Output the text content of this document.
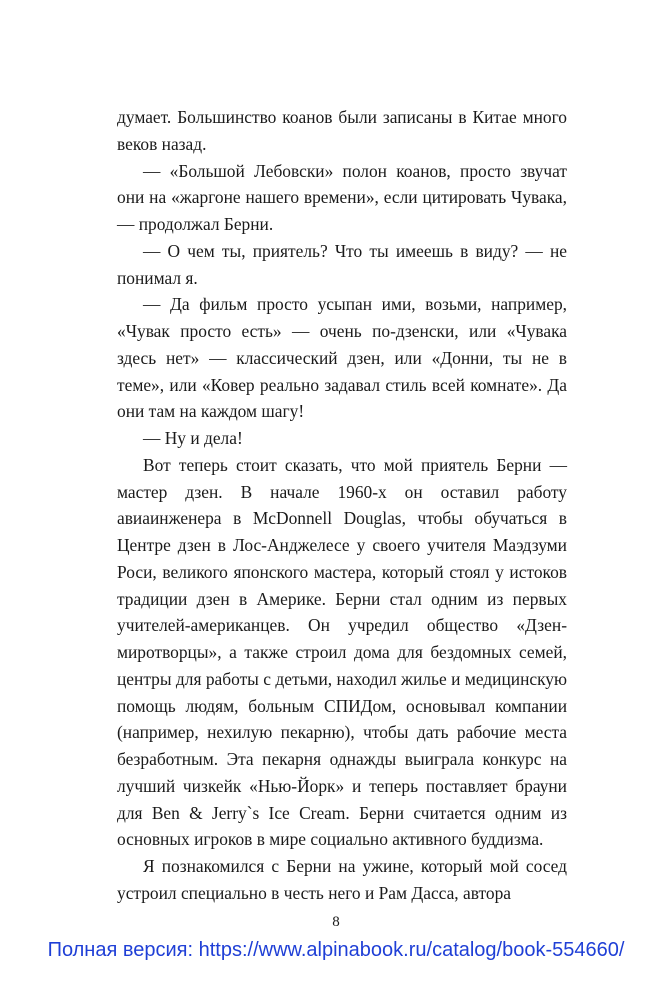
думает. Большинство коанов были записаны в Китае много веков назад.

— «Большой Лебовски» полон коанов, просто звучат они на «жаргоне нашего времени», если цитировать Чувака, — продолжал Берни.

— О чем ты, приятель? Что ты имеешь в виду? — не понимал я.

— Да фильм просто усыпан ими, возьми, например, «Чувак просто есть» — очень по-дзенски, или «Чувака здесь нет» — классический дзен, или «Донни, ты не в теме», или «Ковер реально задавал стиль всей комнате». Да они там на каждом шагу!

— Ну и дела!

Вот теперь стоит сказать, что мой приятель Берни — мастер дзен. В начале 1960-х он оставил работу авиаинженера в McDonnell Douglas, чтобы обучаться в Центре дзен в Лос-Анджелесе у своего учителя Маэдзуми Роси, великого японского мастера, который стоял у истоков традиции дзен в Америке. Берни стал одним из первых учителей-американцев. Он учредил общество «Дзен-миротворцы», а также строил дома для бездомных семей, центры для работы с детьми, находил жилье и медицинскую помощь людям, больным СПИДом, основывал компании (например, нехилую пекарню), чтобы дать рабочие места безработным. Эта пекарня однажды выиграла конкурс на лучший чизкейк «Нью-Йорк» и теперь поставляет брауни для Ben & Jerry`s Ice Cream. Берни считается одним из основных игроков в мире социально активного буддизма.

Я познакомился с Берни на ужине, который мой сосед устроил специально в честь него и Рам Дасса, автора

8
Полная версия: https://www.alpinabook.ru/catalog/book-554660/
